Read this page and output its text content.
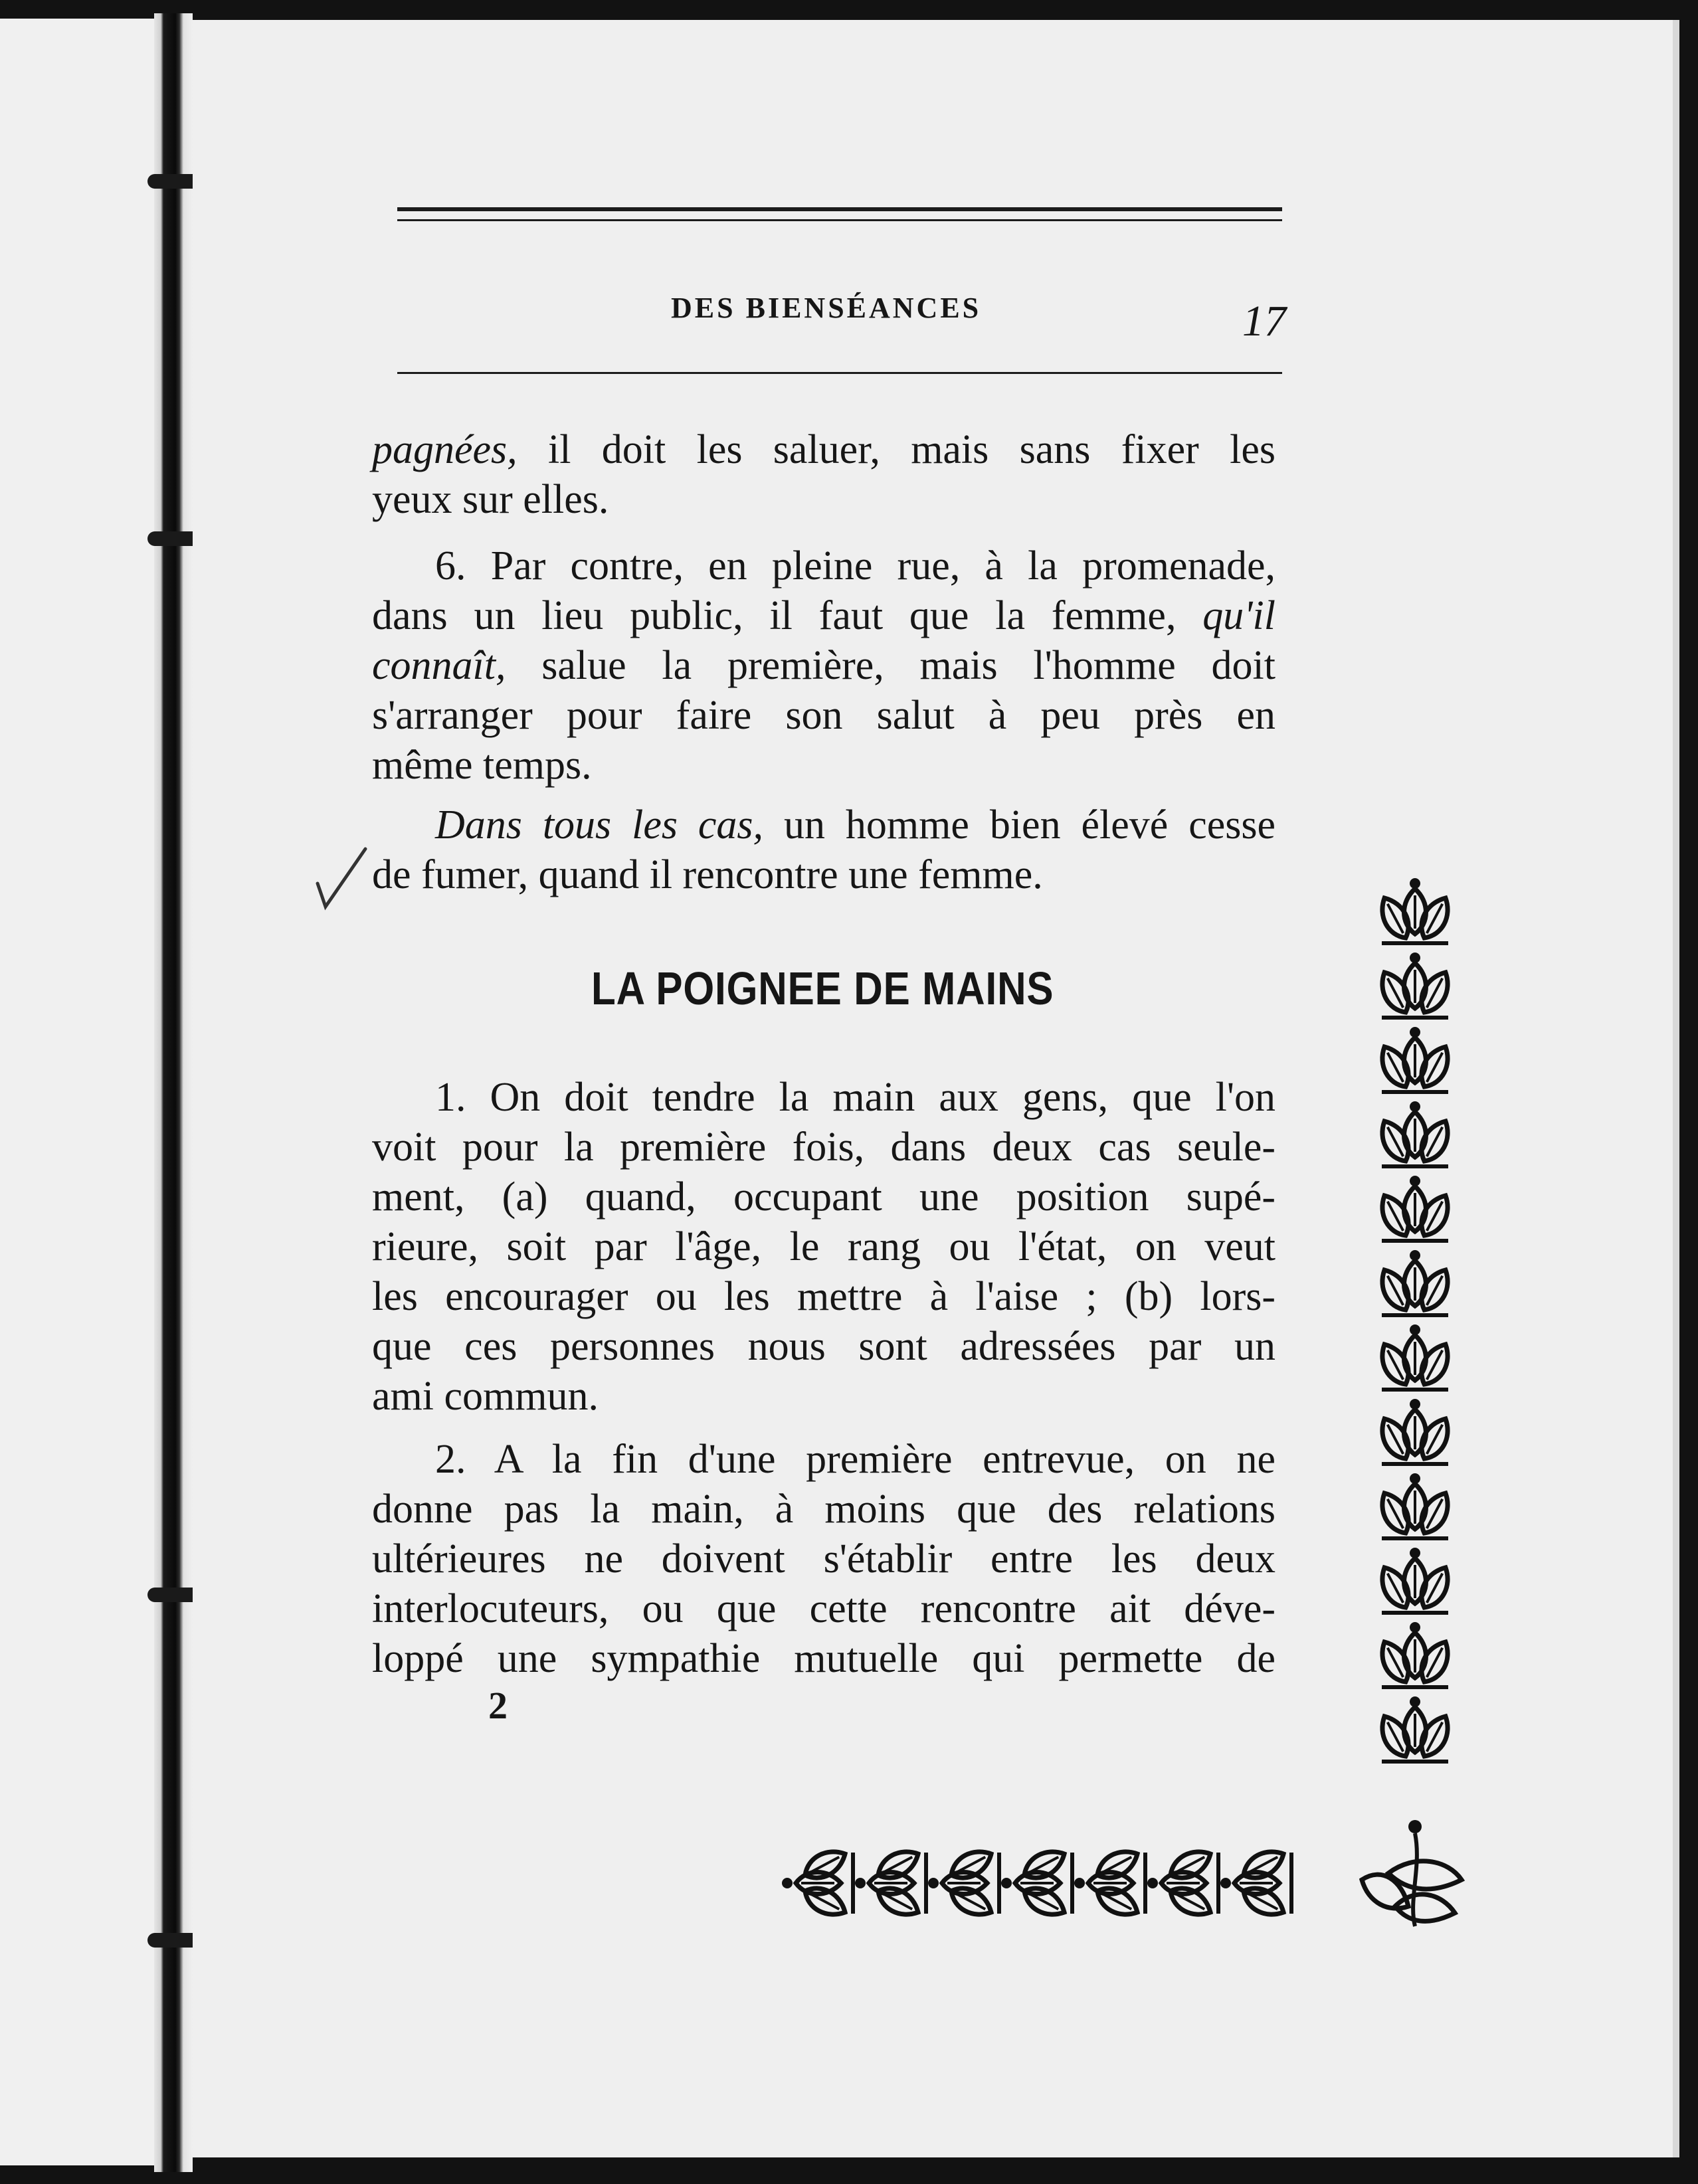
DES BIENSÉANCES	17
pagnées, il doit les saluer, mais sans fixer les
yeux sur elles.
6. Par contre, en pleine rue, à la promenade,
dans un lieu public, il faut que la femme, qu'il
connaît, salue la première, mais l'homme doit
s'arranger pour faire son salut à peu près en
même temps.
Dans tous les cas, un homme bien élevé cesse
de fumer, quand il rencontre une femme.
LA POIGNEE DE MAINS
1. On doit tendre la main aux gens, que l'on
voit pour la première fois, dans deux cas seule-
ment, (a) quand, occupant une position supé-
rieure, soit par l'âge, le rang ou l'état, on veut
les encourager ou les mettre à l'aise ; (b) lors-
que ces personnes nous sont adressées par un
ami commun.
2. A la fin d'une première entrevue, on ne
donne pas la main, à moins que des relations
ultérieures ne doivent s'établir entre les deux
interlocuteurs, ou que cette rencontre ait déve-
loppé une sympathie mutuelle qui permette de
2
